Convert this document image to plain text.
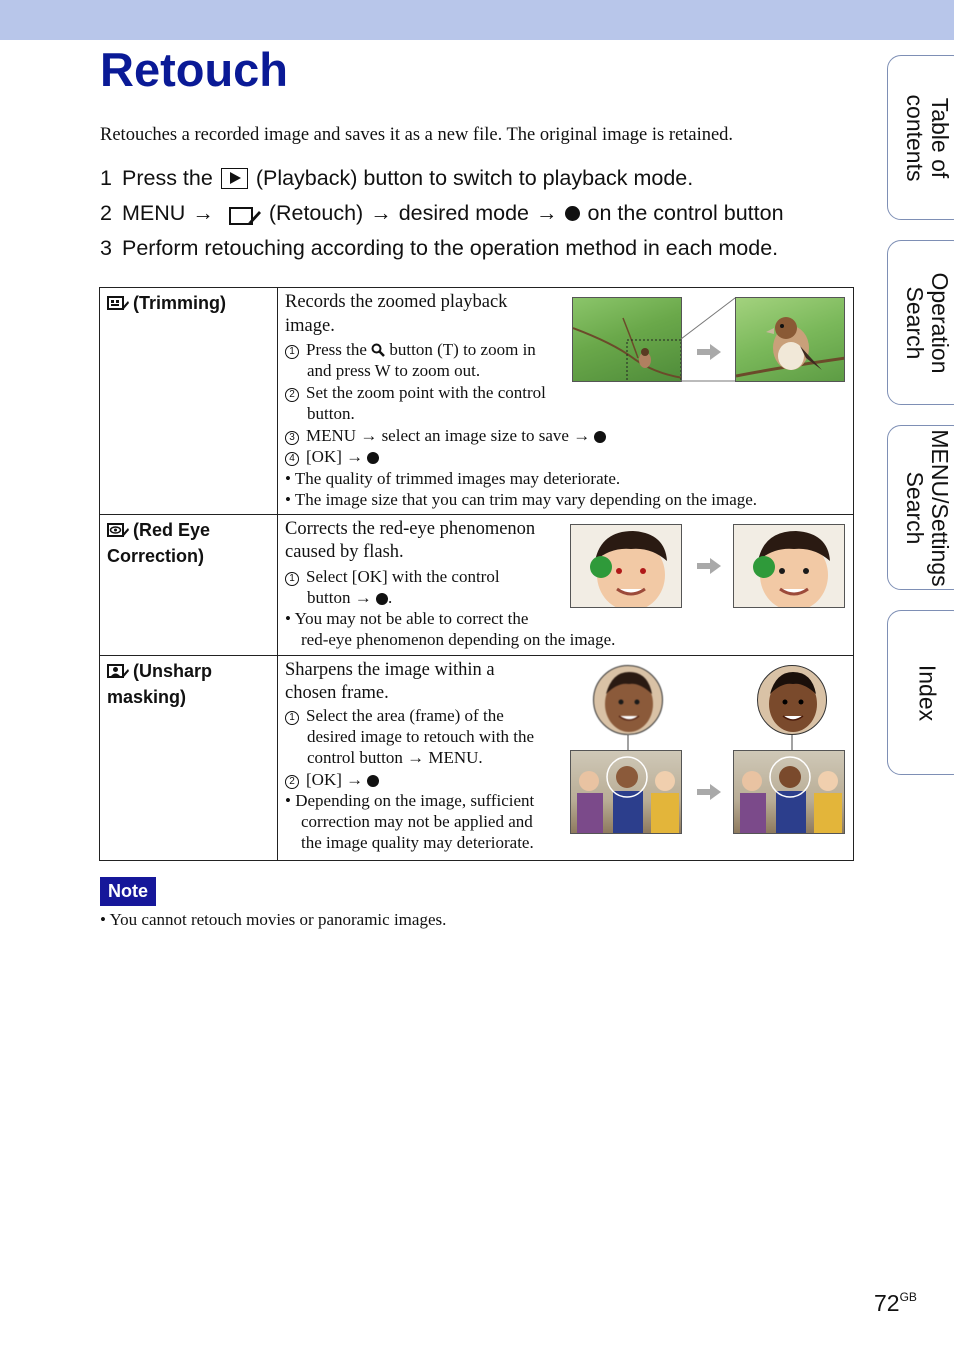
Retouch

Retouches a recorded image and saves it as a new file. The original image is retained.

1 Press the (Playback) button to switch to playback mode.
2 MENU →	(Retouch) → desired mode → on the control button
3 Perform retouching according to the operation method in each mode.
(Trimming)	Records the zoomed playback
image.
1 Press the button (T) to zoom in
and press W to zoom out.
2 Set the zoom point with the control
button.
3 MENU → select an image size to save →
4 [OK] →
• The quality of trimmed images may deteriorate.
• The image size that you can trim may vary depending on the image.
(Red Eye
Correction)
Corrects the red-eye phenomenon
caused by flash.
1 Select [OK] with the control
button → .
• You may not be able to correct the
red-eye phenomenon depending on the image.
(Unsharp
masking)
Sharpens the image within a
chosen frame.
1 Select the area (frame) of the
desired image to retouch with the
control button → MENU.
2 [OK] →
• Depending on the image, sufficient
correction may not be applied and
the image quality may deteriorate.
Note

• You cannot retouch movies or panoramic images.

Table of
contents
Operation
Search
MENU/Settings
Search
Index
$72^{GB}$
